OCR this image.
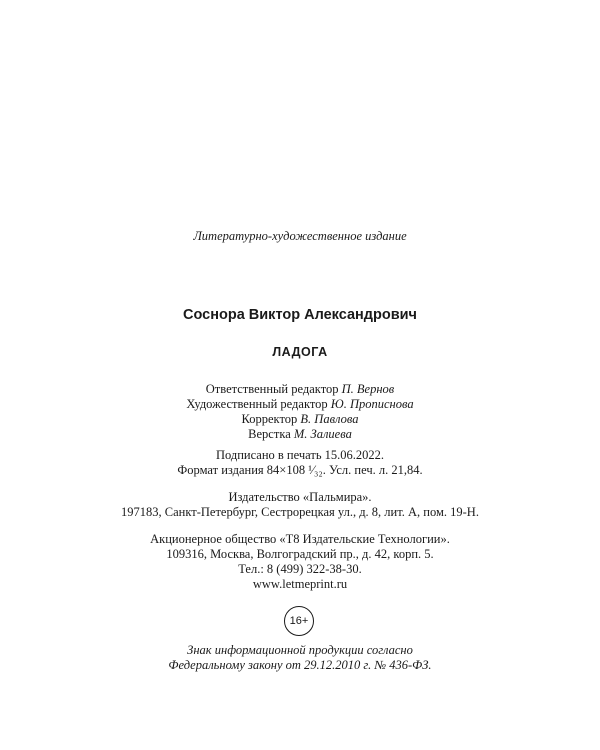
Литературно-художественное издание
Соснора Виктор Александрович
ЛАДОГА
Ответственный редактор П. Вернов
Художественный редактор Ю. Прописнова
Корректор В. Павлова
Верстка М. Залиева
Подписано в печать 15.06.2022.
Формат издания 84×108 ¹⁄₃₂. Усл. печ. л. 21,84.
Издательство «Пальмира».
197183, Санкт-Петербург, Сестрорецкая ул., д. 8, лит. А, пом. 19-Н.
Акционерное общество «Т8 Издательские Технологии».
109316, Москва, Волгоградский пр., д. 42, корп. 5.
Тел.: 8 (499) 322-38-30.
www.letmeprint.ru
16+
Знак информационной продукции согласно
Федеральному закону от 29.12.2010 г. № 436-ФЗ.
